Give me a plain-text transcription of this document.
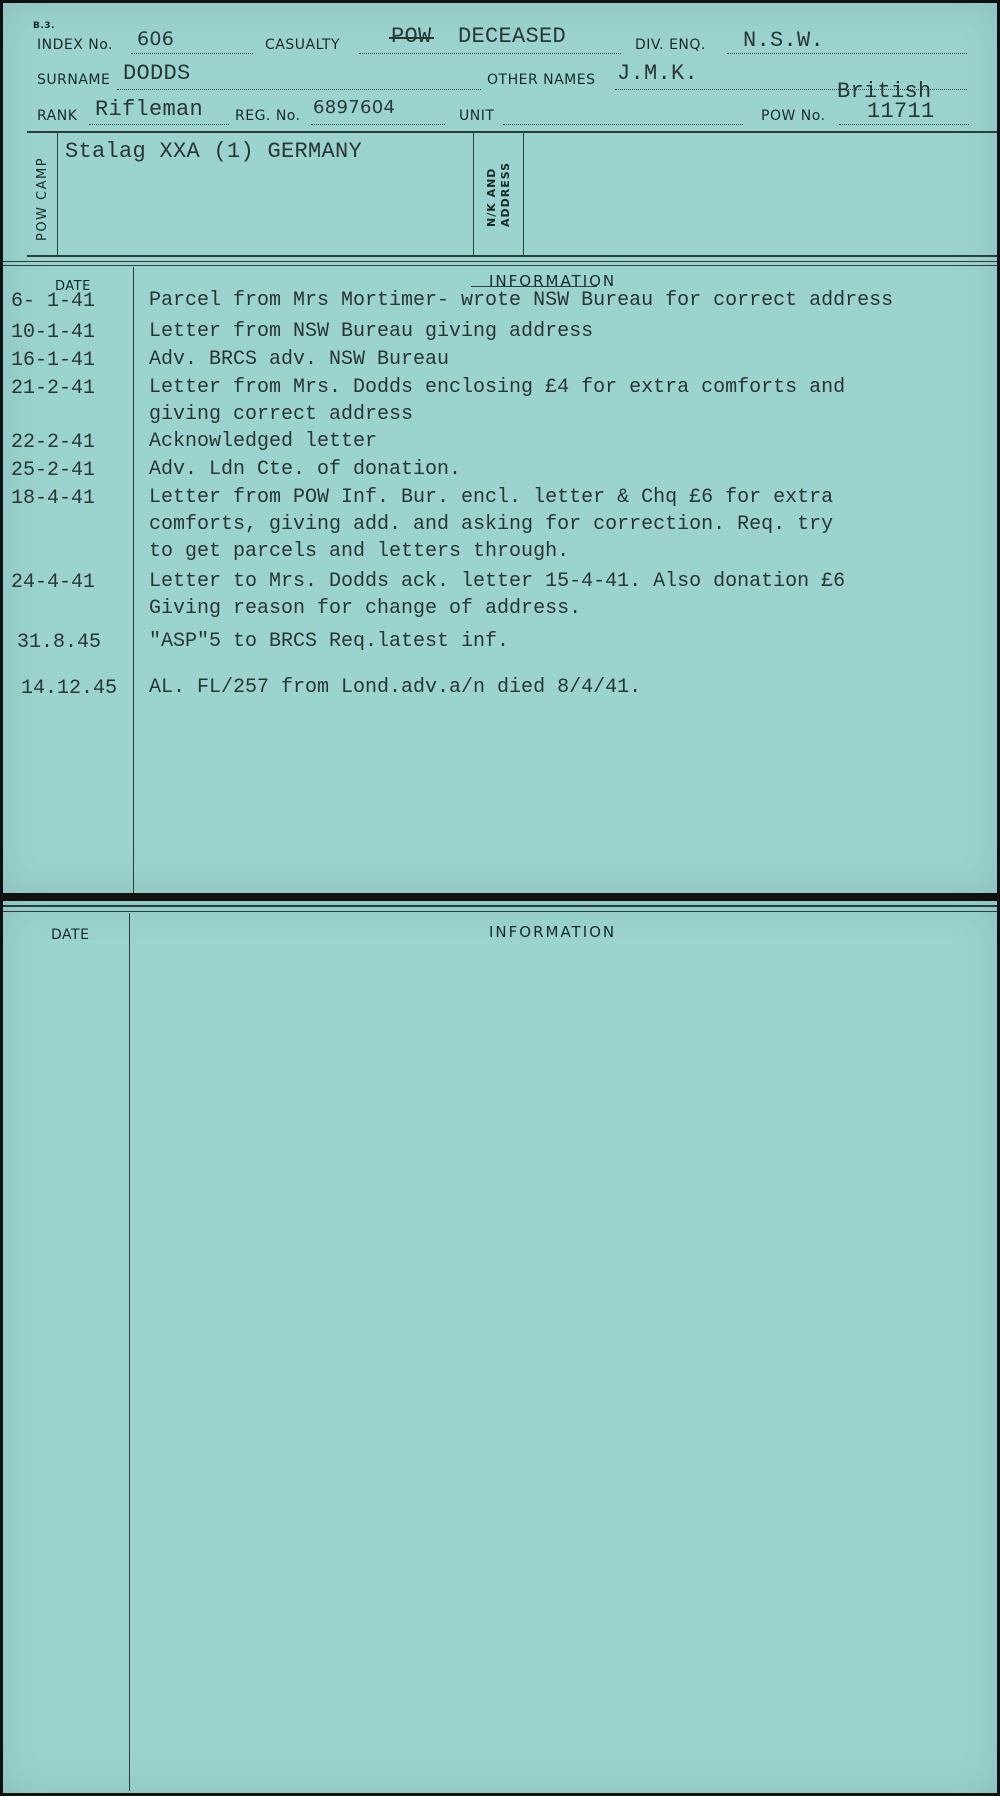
B.3.
INDEX No. 606	CASUALTY POW DECEASED	DIV. ENQ. N.S.W.
SURNAME DODDS	OTHER NAMES J.M.K.
British
RANK Rifleman REG. No. 6897604	UNIT	POW No. 11711
POW CAMP
Stalag XXA (1) GERMANY
N/K AND ADDRESS
DATE	INFORMATION
6- 1-41	Parcel from Mrs Mortimer- wrote NSW Bureau for correct address
10-1-41	Letter from NSW Bureau giving address
16-1-41	Adv. BRCS adv. NSW Bureau
21-2-41	Letter from Mrs. Dodds enclosing £4 for extra comforts and
giving correct address
22-2-41	Acknowledged letter
25-2-41	Adv. Ldn Cte. of donation.
18-4-41	Letter from POW Inf. Bur. encl. letter & Chq £6 for extra
comforts, giving add. and asking for correction. Req. try
to get parcels and letters through.
24-4-41	Letter to Mrs. Dodds ack. letter 15-4-41. Also donation £6
Giving reason for change of address.
31.8.45 "ASP"5 to BRCS Req.latest inf.
14.12.45 AL. FL/257 from Lond.adv.a/n died 8/4/41.
DATE	INFORMATION
